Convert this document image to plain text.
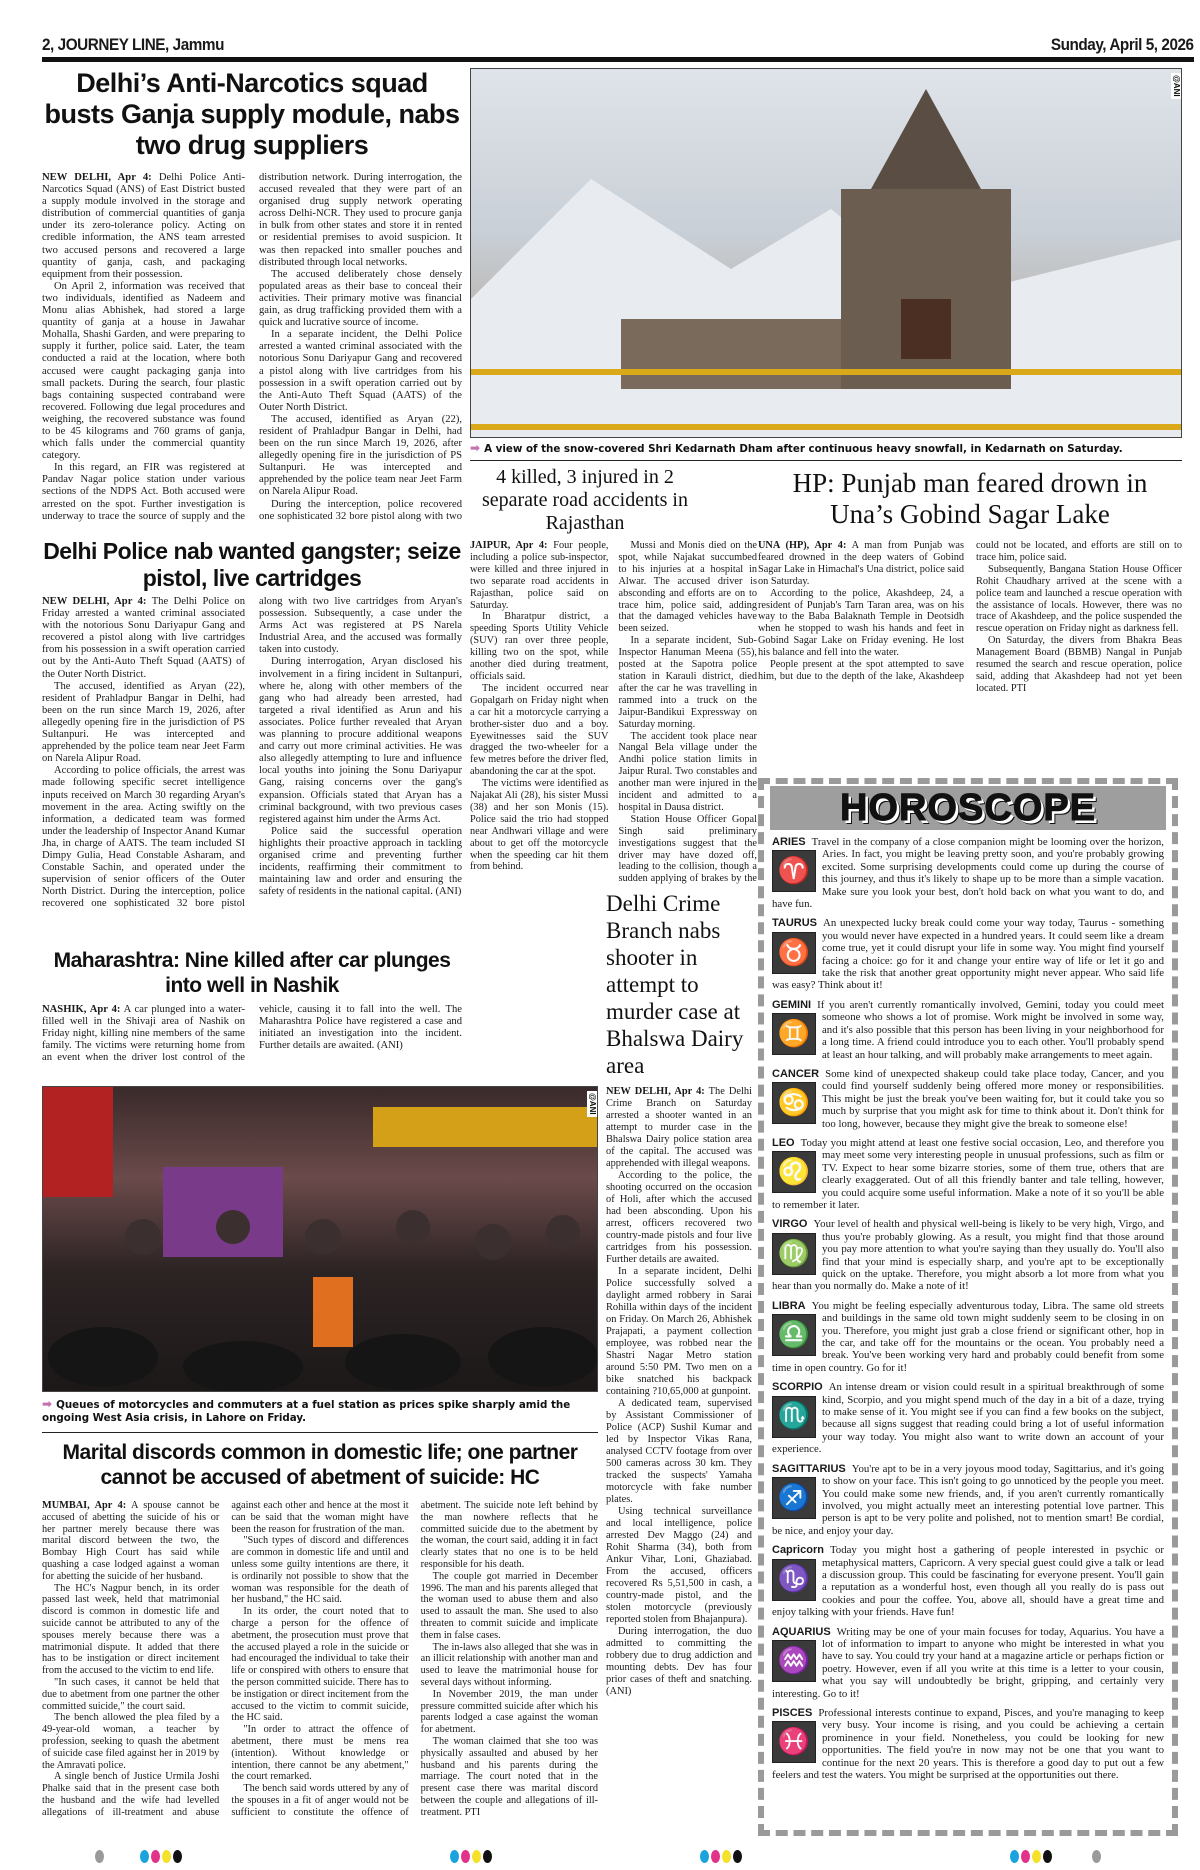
2, JOURNEY LINE, Jammu	Sunday, April 5, 2026
Delhi’s Anti-Narcotics squad busts Ganja supply module, nabs two drug suppliers

NEW DELHI, Apr 4: Delhi Police Anti-Narcotics Squad (ANS) of East District busted a supply module involved in the storage and distribution of commercial quantities of ganja under its zero-tolerance policy. Acting on credible information, the ANS team arrested two accused persons and recovered a large quantity of ganja, cash, and packaging equipment from their possession.

On April 2, information was received that two individuals, identified as Nadeem and Monu alias Abhishek, had stored a large quantity of ganja at a house in Jawahar Mohalla, Shashi Garden, and were preparing to supply it further, police said. Later, the team conducted a raid at the location, where both accused were caught packaging ganja into small packets. During the search, four plastic bags containing suspected contraband were recovered. Following due legal procedures and weighing, the recovered substance was found to be 45 kilograms and 760 grams of ganja, which falls under the commercial quantity category.

In this regard, an FIR was registered at Pandav Nagar police station under various sections of the NDPS Act. Both accused were arrested on the spot. Further investigation is underway to trace the source of supply and the distribution network. During interrogation, the accused revealed that they were part of an organised drug supply network operating across Delhi-NCR. They used to procure ganja in bulk from other states and store it in rented or residential premises to avoid suspicion. It was then repacked into smaller pouches and distributed through local networks.

The accused deliberately chose densely populated areas as their base to conceal their activities. Their primary motive was financial gain, as drug trafficking provided them with a quick and lucrative source of income.

In a separate incident, the Delhi Police arrested a wanted criminal associated with the notorious Sonu Dariyapur Gang and recovered a pistol along with live cartridges from his possession in a swift operation carried out by the Anti-Auto Theft Squad (AATS) of the Outer North District.

The accused, identified as Aryan (22), resident of Prahladpur Bangar in Delhi, had been on the run since March 19, 2026, after allegedly opening fire in the jurisdiction of PS Sultanpuri. He was intercepted and apprehended by the police team near Jeet Farm on Narela Alipur Road.

During the interception, police recovered one sophisticated 32 bore pistol along with two

@ANI
➡ A view of the snow-covered Shri Kedarnath Dham after continuous heavy snowfall, in Kedarnath on Saturday.
4 killed, 3 injured in 2 separate road accidents in Rajasthan

JAIPUR, Apr 4: Four people, including a police sub-inspector, were killed and three injured in two separate road accidents in Rajasthan, police said on Saturday.

In Bharatpur district, a speeding Sports Utility Vehicle (SUV) ran over three people, killing two on the spot, while another died during treatment, officials said.

The incident occurred near Gopalgarh on Friday night when a car hit a motorcycle carrying a brother-sister duo and a boy. Eyewitnesses said the SUV dragged the two-wheeler for a few metres before the driver fled, abandoning the car at the spot.

The victims were identified as Najakat Ali (28), his sister Mussi (38) and her son Monis (15). Police said the trio had stopped near Andhwari village and were about to get off the motorcycle when the speeding car hit them from behind.

Mussi and Monis died on the spot, while Najakat succumbed to his injuries at a hospital in Alwar. The accused driver is absconding and efforts are on to trace him, police said, adding that the damaged vehicles have been seized.

In a separate incident, Sub-Inspector Hanuman Meena (55), posted at the Sapotra police station in Karauli district, died after the car he was travelling in rammed into a truck on the Jaipur-Bandikui Expressway on Saturday morning.

The accident took place near Nangal Bela village under the Andhi police station limits in Jaipur Rural. Two constables and another man were injured in the incident and admitted to a hospital in Dausa district.

Station House Officer Gopal Singh said preliminary investigations suggest that the driver may have dozed off, leading to the collision, though a sudden applying of brakes by the

HP: Punjab man feared drown in Una’s Gobind Sagar Lake

UNA (HP), Apr 4: A man from Punjab was feared drowned in the deep waters of Gobind Sagar Lake in Himachal's Una district, police said on Saturday.

According to the police, Akashdeep, 24, a resident of Punjab's Tarn Taran area, was on his way to the Baba Balaknath Temple in Deotsidh when he stopped to wash his hands and feet in Gobind Sagar Lake on Friday evening. He lost his balance and fell into the water.

People present at the spot attempted to save him, but due to the depth of the lake, Akashdeep could not be located, and efforts are still on to trace him, police said.

Subsequently, Bangana Station House Officer Rohit Chaudhary arrived at the scene with a police team and launched a rescue operation with the assistance of locals. However, there was no trace of Akashdeep, and the police suspended the rescue operation on Friday night as darkness fell.

On Saturday, the divers from Bhakra Beas Management Board (BBMB) Nangal in Punjab resumed the search and rescue operation, police said, adding that Akashdeep had not yet been located. PTI

Delhi Police nab wanted gangster; seize pistol, live cartridges

NEW DELHI, Apr 4: The Delhi Police on Friday arrested a wanted criminal associated with the notorious Sonu Dariyapur Gang and recovered a pistol along with live cartridges from his possession in a swift operation carried out by the Anti-Auto Theft Squad (AATS) of the Outer North District.

The accused, identified as Aryan (22), resident of Prahladpur Bangar in Delhi, had been on the run since March 19, 2026, after allegedly opening fire in the jurisdiction of PS Sultanpuri. He was intercepted and apprehended by the police team near Jeet Farm on Narela Alipur Road.

According to police officials, the arrest was made following specific secret intelligence inputs received on March 30 regarding Aryan's movement in the area. Acting swiftly on the information, a dedicated team was formed under the leadership of Inspector Anand Kumar Jha, in charge of AATS. The team included SI Dimpy Gulia, Head Constable Asharam, and Constable Sachin, and operated under the supervision of senior officers of the Outer North District. During the interception, police recovered one sophisticated 32 bore pistol along with two live cartridges from Aryan's possession. Subsequently, a case under the Arms Act was registered at PS Narela Industrial Area, and the accused was formally taken into custody.

During interrogation, Aryan disclosed his involvement in a firing incident in Sultanpuri, where he, along with other members of the gang who had already been arrested, had targeted a rival identified as Arun and his associates. Police further revealed that Aryan was planning to procure additional weapons and carry out more criminal activities. He was also allegedly attempting to lure and influence local youths into joining the Sonu Dariyapur Gang, raising concerns over the gang's expansion. Officials stated that Aryan has a criminal background, with two previous cases registered against him under the Arms Act.

Police said the successful operation highlights their proactive approach in tackling organised crime and preventing further incidents, reaffirming their commitment to maintaining law and order and ensuring the safety of residents in the national capital. (ANI)

Maharashtra: Nine killed after car plunges into well in Nashik

NASHIK, Apr 4: A car plunged into a water-filled well in the Shivaji area of Nashik on Friday night, killing nine members of the same family. The victims were returning home from an event when the driver lost control of the vehicle, causing it to fall into the well. The Maharashtra Police have registered a case and initiated an investigation into the incident. Further details are awaited. (ANI)

Delhi Crime Branch nabs shooter in attempt to murder case at Bhalswa Dairy area

NEW DELHI, Apr 4: The Delhi Crime Branch on Saturday arrested a shooter wanted in an attempt to murder case in the Bhalswa Dairy police station area of the capital. The accused was apprehended with illegal weapons.

According to the police, the shooting occurred on the occasion of Holi, after which the accused had been absconding. Upon his arrest, officers recovered two country-made pistols and four live cartridges from his possession. Further details are awaited.

In a separate incident, Delhi Police successfully solved a daylight armed robbery in Sarai Rohilla within days of the incident on Friday. On March 26, Abhishek Prajapati, a payment collection employee, was robbed near the Shastri Nagar Metro station around 5:50 PM. Two men on a bike snatched his backpack containing ?10,65,000 at gunpoint.

A dedicated team, supervised by Assistant Commissioner of Police (ACP) Sushil Kumar and led by Inspector Vikas Rana, analysed CCTV footage from over 500 cameras across 30 km. They tracked the suspects' Yamaha motorcycle with fake number plates.

Using technical surveillance and local intelligence, police arrested Dev Maggo (24) and Rohit Sharma (34), both from Ankur Vihar, Loni, Ghaziabad. From the accused, officers recovered Rs 5,51,500 in cash, a country-made pistol, and the stolen motorcycle (previously reported stolen from Bhajanpura).

During interrogation, the duo admitted to committing the robbery due to drug addiction and mounting debts. Dev has four prior cases of theft and snatching. (ANI)

@ANI
➡ Queues of motorcycles and commuters at a fuel station as prices spike sharply amid the ongoing West Asia crisis, in Lahore on Friday.
Marital discords common in domestic life; one partner cannot be accused of abetment of suicide: HC

MUMBAI, Apr 4: A spouse cannot be accused of abetting the suicide of his or her partner merely because there was marital discord between the two, the Bombay High Court has said while quashing a case lodged against a woman for abetting the suicide of her husband.

The HC's Nagpur bench, in its order passed last week, held that matrimonial discord is common in domestic life and suicide cannot be attributed to any of the spouses merely because there was a matrimonial dispute. It added that there has to be instigation or direct incitement from the accused to the victim to end life.

"In such cases, it cannot be held that due to abetment from one partner the other committed suicide," the court said.

The bench allowed the plea filed by a 49-year-old woman, a teacher by profession, seeking to quash the abetment of suicide case filed against her in 2019 by the Amravati police.

A single bench of Justice Urmila Joshi Phalke said that in the present case both the husband and the wife had levelled allegations of ill-treatment and abuse against each other and hence at the most it can be said that the woman might have been the reason for frustration of the man.

"Such types of discord and differences are common in domestic life and until and unless some guilty intentions are there, it is ordinarily not possible to show that the woman was responsible for the death of her husband," the HC said.

In its order, the court noted that to charge a person for the offence of abetment, the prosecution must prove that the accused played a role in the suicide or had encouraged the individual to take their life or conspired with others to ensure that the person committed suicide. There has to be instigation or direct incitement from the accused to the victim to commit suicide, the HC said.

"In order to attract the offence of abetment, there must be mens rea (intention). Without knowledge or intention, there cannot be any abetment," the court remarked.

The bench said words uttered by any of the spouses in a fit of anger would not be sufficient to constitute the offence of abetment. The suicide note left behind by the man nowhere reflects that he committed suicide due to the abetment by the woman, the court said, adding it in fact clearly states that no one is to be held responsible for his death.

The couple got married in December 1996. The man and his parents alleged that the woman used to abuse them and also used to assault the man. She used to also threaten to commit suicide and implicate them in false cases.

The in-laws also alleged that she was in an illicit relationship with another man and used to leave the matrimonial house for several days without informing.

In November 2019, the man under pressure committed suicide after which his parents lodged a case against the woman for abetment.

The woman claimed that she too was physically assaulted and abused by her husband and his parents during the marriage. The court noted that in the present case there was marital discord between the couple and allegations of ill-treatment. PTI

HOROSCOPE
ARIES
♈
Travel in the company of a close companion might be looming over the horizon, Aries. In fact, you might be leaving pretty soon, and you're probably growing excited. Some surprising developments could come up during the course of this journey, and thus it's likely to shape up to be more than a simple vacation. Make sure you look your best, don't hold back on what you want to do, and have fun.
TAURUS
♉
An unexpected lucky break could come your way today, Taurus - something you would never have expected in a hundred years. It could seem like a dream come true, yet it could disrupt your life in some way. You might find yourself facing a choice: go for it and change your entire way of life or let it go and take the risk that another great opportunity might never appear. Who said life was easy? Think about it!
GEMINI
♊
If you aren't currently romantically involved, Gemini, today you could meet someone who shows a lot of promise. Work might be involved in some way, and it's also possible that this person has been living in your neighborhood for a long time. A friend could introduce you to each other. You'll probably spend at least an hour talking, and will probably make arrangements to meet again.
CANCER
♋
Some kind of unexpected shakeup could take place today, Cancer, and you could find yourself suddenly being offered more money or responsibilities. This might be just the break you've been waiting for, but it could take you so much by surprise that you might ask for time to think about it. Don't think for too long, however, because they might give the break to someone else!
LEO
♌
Today you might attend at least one festive social occasion, Leo, and therefore you may meet some very interesting people in unusual professions, such as film or TV. Expect to hear some bizarre stories, some of them true, others that are clearly exaggerated. Out of all this friendly banter and tale telling, however, you could acquire some useful information. Make a note of it so you'll be able to remember it later.
VIRGO
♍
Your level of health and physical well-being is likely to be very high, Virgo, and thus you're probably glowing. As a result, you might find that those around you pay more attention to what you're saying than they usually do. You'll also find that your mind is especially sharp, and you're apt to be exceptionally quick on the uptake. Therefore, you might absorb a lot more from what you hear than you normally do. Make a note of it!
LIBRA
♎
You might be feeling especially adventurous today, Libra. The same old streets and buildings in the same old town might suddenly seem to be closing in on you. Therefore, you might just grab a close friend or significant other, hop in the car, and take off for the mountains or the ocean. You probably need a break. You've been working very hard and probably could benefit from some time in open country. Go for it!
SCORPIO
♏
An intense dream or vision could result in a spiritual breakthrough of some kind, Scorpio, and you might spend much of the day in a bit of a daze, trying to make sense of it. You might see if you can find a few books on the subject, because all signs suggest that reading could bring a lot of useful information your way today. You might also want to write down an account of your experience.
SAGITTARIUS
♐
You're apt to be in a very joyous mood today, Sagittarius, and it's going to show on your face. This isn't going to go unnoticed by the people you meet. You could make some new friends, and, if you aren't currently romantically involved, you might actually meet an interesting potential love partner. This person is apt to be very polite and polished, not to mention smart! Be cordial, be nice, and enjoy your day.
Capricorn
♑
Today you might host a gathering of people interested in psychic or metaphysical matters, Capricorn. A very special guest could give a talk or lead a discussion group. This could be fascinating for everyone present. You'll gain a reputation as a wonderful host, even though all you really do is pass out cookies and pour the coffee. You, above all, should have a great time and enjoy talking with your friends. Have fun!
AQUARIUS
♒
Writing may be one of your main focuses for today, Aquarius. You have a lot of information to impart to anyone who might be interested in what you have to say. You could try your hand at a magazine article or perhaps fiction or poetry. However, even if all you write at this time is a letter to your cousin, what you say will undoubtedly be bright, gripping, and certainly very interesting. Go to it!
PISCES
♓
Professional interests continue to expand, Pisces, and you're managing to keep very busy. Your income is rising, and you could be achieving a certain prominence in your field. Nonetheless, you could be looking for new opportunities. The field you're in now may not be one that you want to continue for the next 20 years. This is therefore a good day to put out a few feelers and test the waters. You might be surprised at the opportunities out there.
